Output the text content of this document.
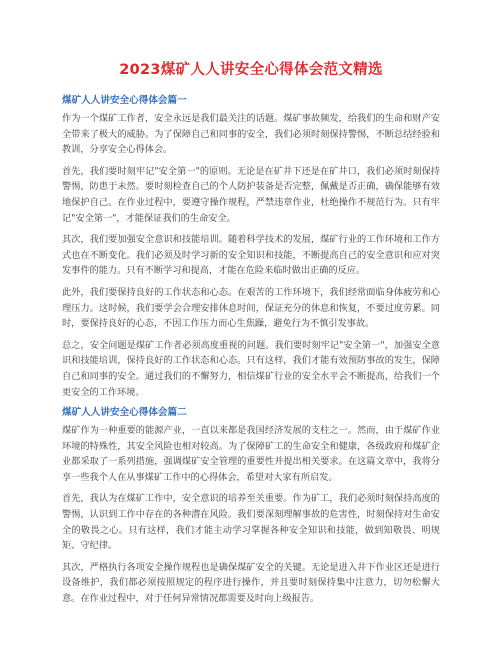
2023煤矿人人讲安全心得体会范文精选
煤矿人人讲安全心得体会篇一

作为一个煤矿工作者，安全永远是我们最关注的话题。煤矿事故频发，给我们的生命和财产安全带来了极大的威胁。为了保障自己和同事的安全，我们必须时刻保持警惕，不断总结经验和教训，分享安全心得体会。

首先，我们要时刻牢记"安全第一"的原则。无论是在矿井下还是在矿井口，我们必须时刻保持警惕，防患于未然。要时刻检查自己的个人防护装备是否完整，佩戴是否正确，确保能够有效地保护自己。在作业过程中，要遵守操作规程，严禁违章作业，杜绝操作不规范行为。只有牢记"安全第一"，才能保证我们的生命安全。

其次，我们要加强安全意识和技能培训。随着科学技术的发展，煤矿行业的工作环境和工作方式也在不断变化。我们必须及时学习新的安全知识和技能，不断提高自己的安全意识和应对突发事件的能力。只有不断学习和提高，才能在危险来临时做出正确的反应。

此外，我们要保持良好的工作状态和心态。在艰苦的工作环境下，我们经常面临身体疲劳和心理压力。这时候，我们要学会合理安排休息时间，保证充分的休息和恢复，不要过度劳累。同时，要保持良好的心态，不因工作压力而心生焦躁，避免行为不慎引发事故。

总之，安全问题是煤矿工作者必须高度重视的问题。我们要时刻牢记"安全第一"，加强安全意识和技能培训，保持良好的工作状态和心态。只有这样，我们才能有效预防事故的发生，保障自己和同事的安全。通过我们的不懈努力，相信煤矿行业的安全水平会不断提高，给我们一个更安全的工作环境。

煤矿人人讲安全心得体会篇二

煤矿作为一种重要的能源产业，一直以来都是我国经济发展的支柱之一。然而，由于煤矿作业环境的特殊性，其安全风险也相对较高。为了保障矿工的生命安全和健康，各级政府和煤矿企业都采取了一系列措施，强调煤矿安全管理的重要性并提出相关要求。在这篇文章中，我将分享一些我个人在从事煤矿工作中的心得体会，希望对大家有所启发。

首先，我认为在煤矿工作中，安全意识的培养至关重要。作为矿工，我们必须时刻保持高度的警惕，认识到工作中存在的各种潜在风险。我们要深刻理解事故的危害性，时刻保持对生命安全的敬畏之心。只有这样，我们才能主动学习掌握各种安全知识和技能，做到知敬畏、明规矩、守纪律。

其次，严格执行各项安全操作规程也是确保煤矿安全的关键。无论是进入井下作业区还是进行设备维护，我们都必须按照规定的程序进行操作，并且要时刻保持集中注意力，切勿松懈大意。在作业过程中，对于任何异常情况都需要及时向上级报告。
